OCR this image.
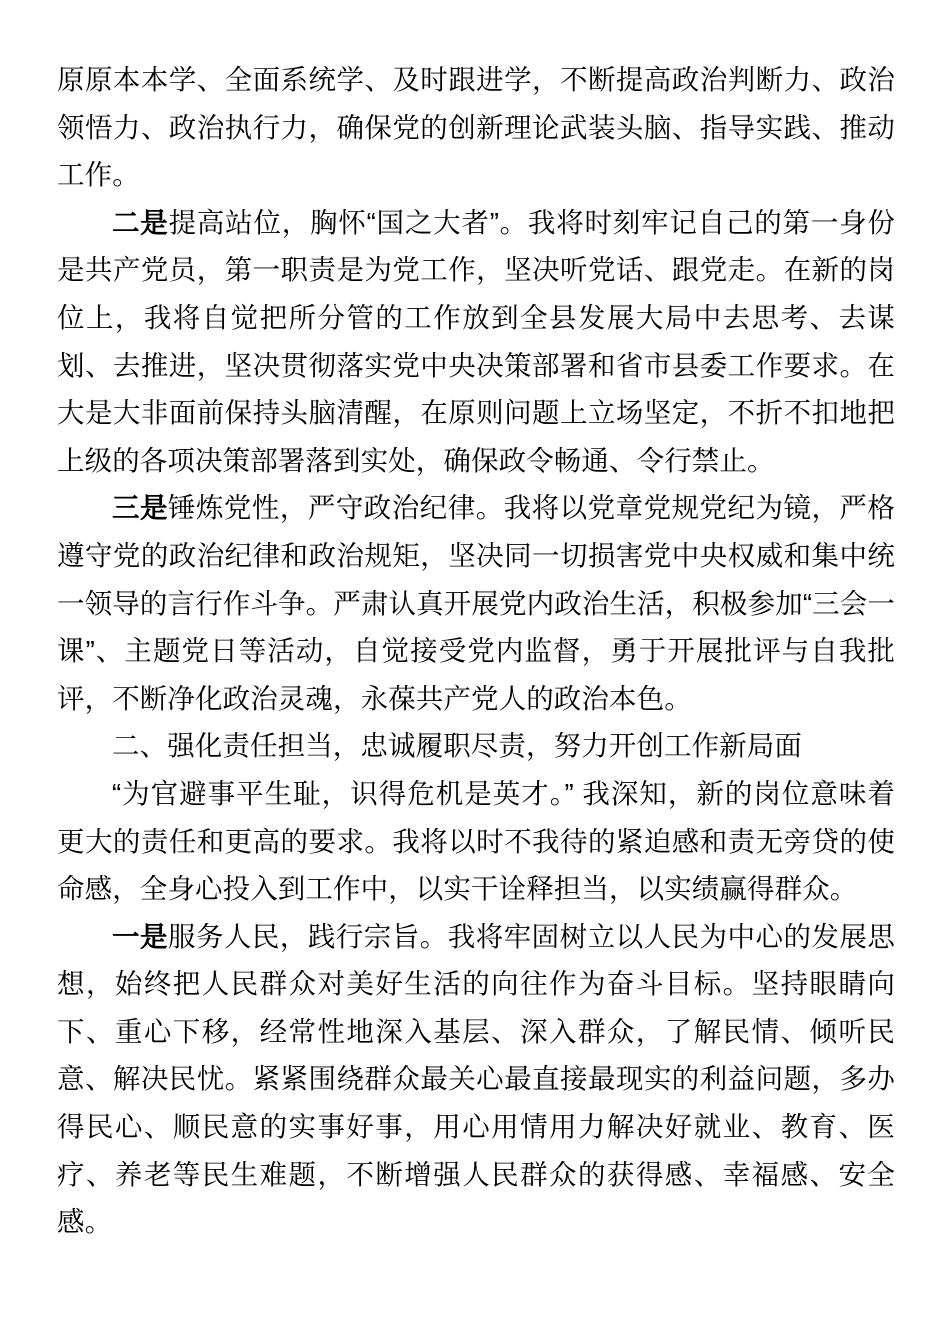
原原本本学、全面系统学、及时跟进学，不断提高政治判断力、政治领悟力、政治执行力，确保党的创新理论武装头脑、指导实践、推动工作。

二是提高站位，胸怀“国之大者”。我将时刻牢记自己的第一身份是共产党员，第一职责是为党工作，坚决听党话、跟党走。在新的岗位上，我将自觉把所分管的工作放到全县发展大局中去思考、去谋划、去推进，坚决贯彻落实党中央决策部署和省市县委工作要求。在大是大非面前保持头脑清醒，在原则问题上立场坚定，不折不扣地把上级的各项决策部署落到实处，确保政令畅通、令行禁止。

三是锤炼党性，严守政治纪律。我将以党章党规党纪为镜，严格遵守党的政治纪律和政治规矩，坚决同一切损害党中央权威和集中统一领导的言行作斗争。严肃认真开展党内政治生活，积极参加“三会一课”、主题党日等活动，自觉接受党内监督，勇于开展批评与自我批评，不断净化政治灵魂，永葆共产党人的政治本色。

二、强化责任担当，忠诚履职尽责，努力开创工作新局面

“为官避事平生耻，识得危机是英才。” 我深知，新的岗位意味着更大的责任和更高的要求。我将以时不我待的紧迫感和责无旁贷的使命感，全身心投入到工作中，以实干诠释担当，以实绩赢得群众。

一是服务人民，践行宗旨。我将牢固树立以人民为中心的发展思想，始终把人民群众对美好生活的向往作为奋斗目标。坚持眼睛向下、重心下移，经常性地深入基层、深入群众，了解民情、倾听民意、解决民忧。紧紧围绕群众最关心最直接最现实的利益问题，多办得民心、顺民意的实事好事，用心用情用力解决好就业、教育、医疗、养老等民生难题，不断增强人民群众的获得感、幸福感、安全感。
